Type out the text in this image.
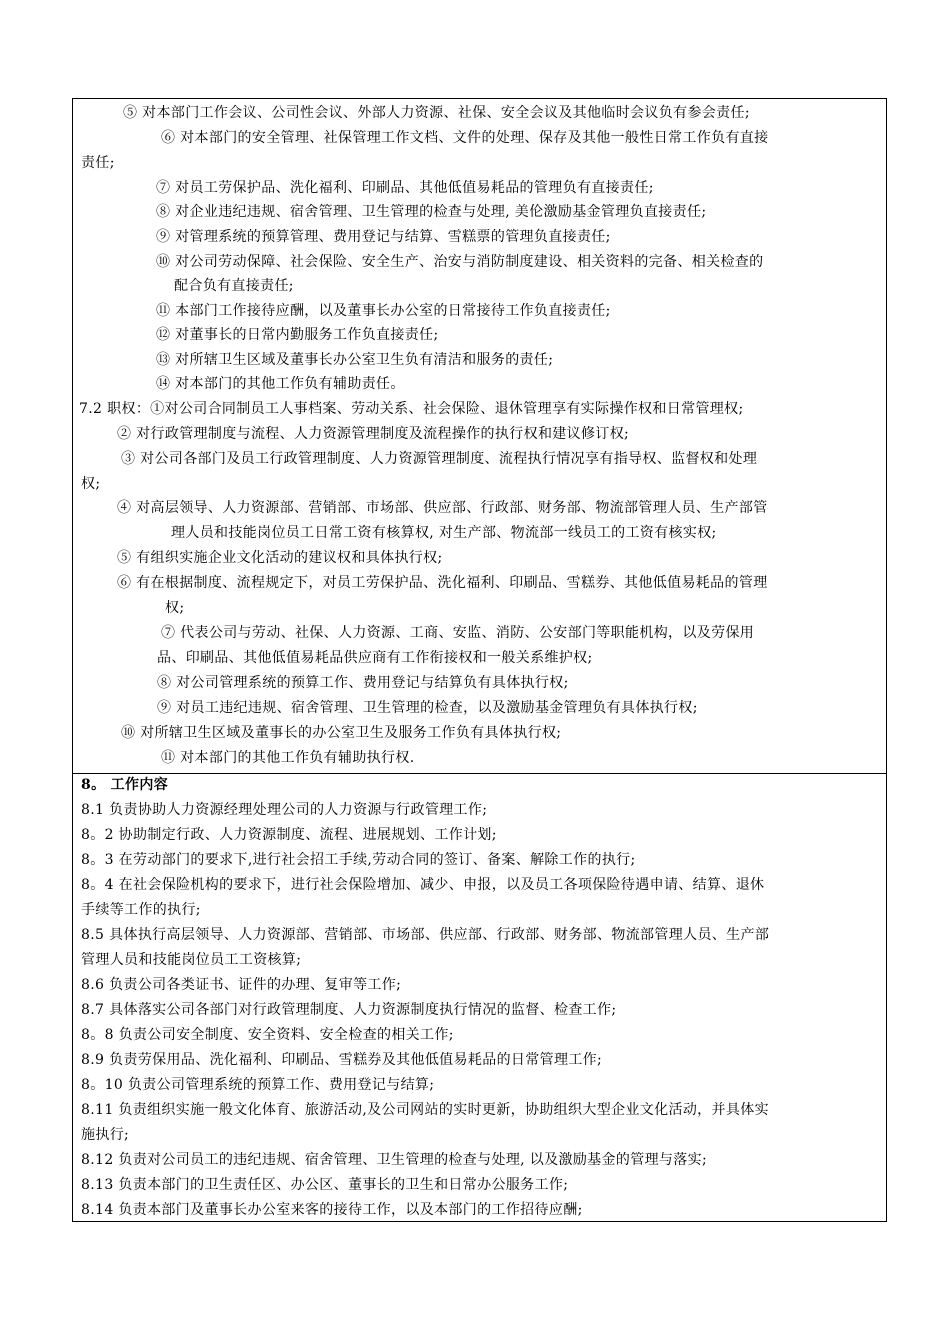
⑤ 对本部门工作会议、公司性会议、外部人力资源、社保、安全会议及其他临时会议负有参会责任;
⑥ 对本部门的安全管理、社保管理工作文档、文件的处理、保存及其他一般性日常工作负有直接
责任;
⑦ 对员工劳保护品、洗化福利、印刷品、其他低值易耗品的管理负有直接责任;
⑧ 对企业违纪违规、宿舍管理、卫生管理的检查与处理, 美伦激励基金管理负直接责任;
⑨ 对管理系统的预算管理、费用登记与结算、雪糕票的管理负直接责任;
⑩ 对公司劳动保障、社会保险、安全生产、治安与消防制度建设、相关资料的完备、相关检查的
配合负有直接责任;
⑪ 本部门工作接待应酬，以及董事长办公室的日常接待工作负直接责任;
⑫ 对董事长的日常内勤服务工作负直接责任;
⑬ 对所辖卫生区域及董事长办公室卫生负有清洁和服务的责任;
⑭ 对本部门的其他工作负有辅助责任。
7.2 职权：①对公司合同制员工人事档案、劳动关系、社会保险、退休管理享有实际操作权和日常管理权;
② 对行政管理制度与流程、人力资源管理制度及流程操作的执行权和建议修订权;
③ 对公司各部门及员工行政管理制度、人力资源管理制度、流程执行情况享有指导权、监督权和处理
权;
④ 对高层领导、人力资源部、营销部、市场部、供应部、行政部、财务部、物流部管理人员、生产部管
理人员和技能岗位员工日常工资有核算权, 对生产部、物流部一线员工的工资有核实权;
⑤ 有组织实施企业文化活动的建议权和具体执行权;
⑥ 有在根据制度、流程规定下，对员工劳保护品、洗化福利、印刷品、雪糕券、其他低值易耗品的管理
权;
⑦ 代表公司与劳动、社保、人力资源、工商、安监、消防、公安部门等职能机构，以及劳保用
品、印刷品、其他低值易耗品供应商有工作衔接权和一般关系维护权;
⑧ 对公司管理系统的预算工作、费用登记与结算负有具体执行权;
⑨ 对员工违纪违规、宿舍管理、卫生管理的检查，以及激励基金管理负有具体执行权;
⑩ 对所辖卫生区域及董事长的办公室卫生及服务工作负有具体执行权;
⑪ 对本部门的其他工作负有辅助执行权.
8。 工作内容
8.1 负责协助人力资源经理处理公司的人力资源与行政管理工作;
8。2 协助制定行政、人力资源制度、流程、进展规划、工作计划;
8。3 在劳动部门的要求下,进行社会招工手续,劳动合同的签订、备案、解除工作的执行;
8。4 在社会保险机构的要求下，进行社会保险增加、减少、申报，以及员工各项保险待遇申请、结算、退休
手续等工作的执行;
8.5 具体执行高层领导、人力资源部、营销部、市场部、供应部、行政部、财务部、物流部管理人员、生产部
管理人员和技能岗位员工工资核算;
8.6 负责公司各类证书、证件的办理、复审等工作;
8.7 具体落实公司各部门对行政管理制度、人力资源制度执行情况的监督、检查工作;
8。8 负责公司安全制度、安全资料、安全检查的相关工作;
8.9 负责劳保用品、洗化福利、印刷品、雪糕券及其他低值易耗品的日常管理工作;
8。10 负责公司管理系统的预算工作、费用登记与结算;
8.11 负责组织实施一般文化体育、旅游活动,及公司网站的实时更新，协助组织大型企业文化活动，并具体实
施执行;
8.12 负责对公司员工的违纪违规、宿舍管理、卫生管理的检查与处理, 以及激励基金的管理与落实;
8.13 负责本部门的卫生责任区、办公区、董事长的卫生和日常办公服务工作;
8.14 负责本部门及董事长办公室来客的接待工作，以及本部门的工作招待应酬;
